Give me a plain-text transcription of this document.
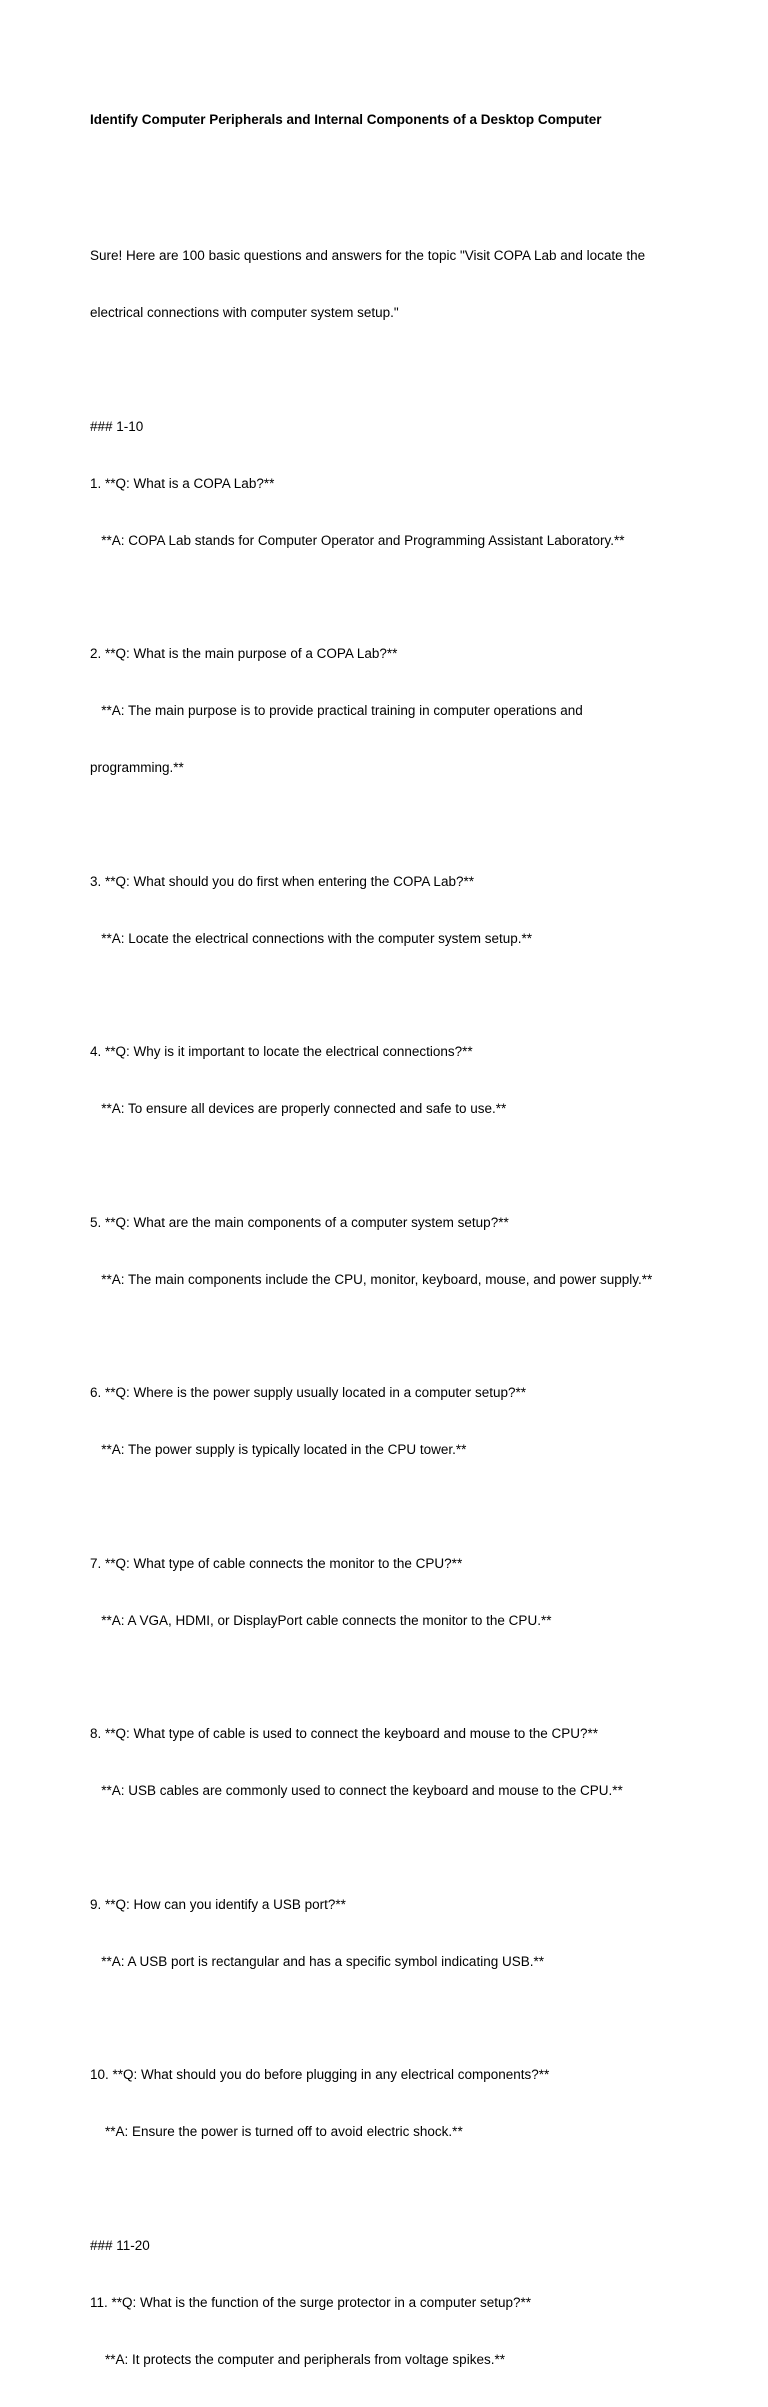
Identify Computer Peripherals and Internal Components of a Desktop Computer

Sure! Here are 100 basic questions and answers for the topic "Visit COPA Lab and locate the

electrical connections with computer system setup."

### 1-10

1. **Q: What is a COPA Lab?**

**A: COPA Lab stands for Computer Operator and Programming Assistant Laboratory.**

2. **Q: What is the main purpose of a COPA Lab?**

**A: The main purpose is to provide practical training in computer operations and

programming.**

3. **Q: What should you do first when entering the COPA Lab?**

**A: Locate the electrical connections with the computer system setup.**

4. **Q: Why is it important to locate the electrical connections?**

**A: To ensure all devices are properly connected and safe to use.**

5. **Q: What are the main components of a computer system setup?**

**A: The main components include the CPU, monitor, keyboard, mouse, and power supply.**

6. **Q: Where is the power supply usually located in a computer setup?**

**A: The power supply is typically located in the CPU tower.**

7. **Q: What type of cable connects the monitor to the CPU?**

**A: A VGA, HDMI, or DisplayPort cable connects the monitor to the CPU.**

8. **Q: What type of cable is used to connect the keyboard and mouse to the CPU?**

**A: USB cables are commonly used to connect the keyboard and mouse to the CPU.**

9. **Q: How can you identify a USB port?**

**A: A USB port is rectangular and has a specific symbol indicating USB.**

10. **Q: What should you do before plugging in any electrical components?**

**A: Ensure the power is turned off to avoid electric shock.**

### 11-20

11. **Q: What is the function of the surge protector in a computer setup?**

**A: It protects the computer and peripherals from voltage spikes.**
